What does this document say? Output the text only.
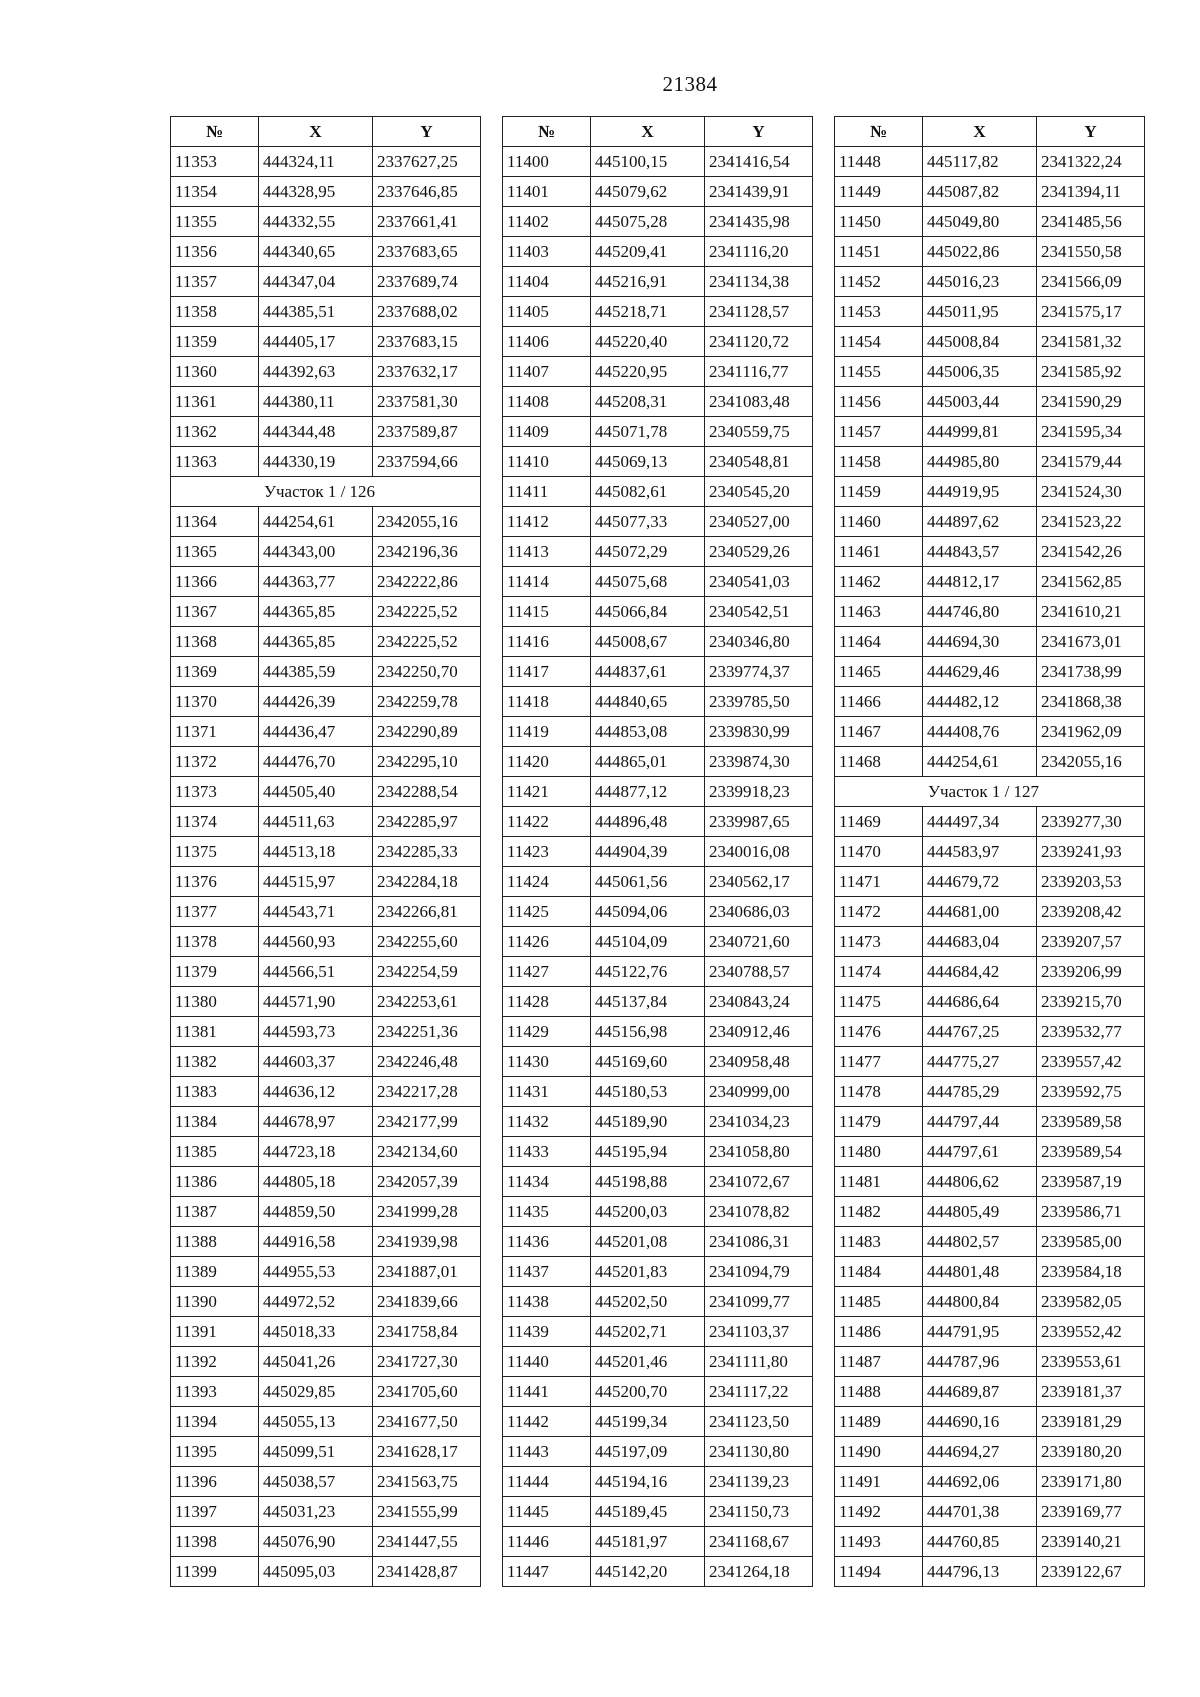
21384
№	X	Y
11353	444324,11	2337627,25
11354	444328,95	2337646,85
11355	444332,55	2337661,41
11356	444340,65	2337683,65
11357	444347,04	2337689,74
11358	444385,51	2337688,02
11359	444405,17	2337683,15
11360	444392,63	2337632,17
11361	444380,11	2337581,30
11362	444344,48	2337589,87
11363	444330,19	2337594,66
Участок 1 / 126		
11364	444254,61	2342055,16
11365	444343,00	2342196,36
11366	444363,77	2342222,86
11367	444365,85	2342225,52
11368	444365,85	2342225,52
11369	444385,59	2342250,70
11370	444426,39	2342259,78
11371	444436,47	2342290,89
11372	444476,70	2342295,10
11373	444505,40	2342288,54
11374	444511,63	2342285,97
11375	444513,18	2342285,33
11376	444515,97	2342284,18
11377	444543,71	2342266,81
11378	444560,93	2342255,60
11379	444566,51	2342254,59
11380	444571,90	2342253,61
11381	444593,73	2342251,36
11382	444603,37	2342246,48
11383	444636,12	2342217,28
11384	444678,97	2342177,99
11385	444723,18	2342134,60
11386	444805,18	2342057,39
11387	444859,50	2341999,28
11388	444916,58	2341939,98
11389	444955,53	2341887,01
11390	444972,52	2341839,66
11391	445018,33	2341758,84
11392	445041,26	2341727,30
11393	445029,85	2341705,60
11394	445055,13	2341677,50
11395	445099,51	2341628,17
11396	445038,57	2341563,75
11397	445031,23	2341555,99
11398	445076,90	2341447,55
11399	445095,03	2341428,87
№	X	Y
11400	445100,15	2341416,54
11401	445079,62	2341439,91
11402	445075,28	2341435,98
11403	445209,41	2341116,20
11404	445216,91	2341134,38
11405	445218,71	2341128,57
11406	445220,40	2341120,72
11407	445220,95	2341116,77
11408	445208,31	2341083,48
11409	445071,78	2340559,75
11410	445069,13	2340548,81
11411	445082,61	2340545,20
11412	445077,33	2340527,00
11413	445072,29	2340529,26
11414	445075,68	2340541,03
11415	445066,84	2340542,51
11416	445008,67	2340346,80
11417	444837,61	2339774,37
11418	444840,65	2339785,50
11419	444853,08	2339830,99
11420	444865,01	2339874,30
11421	444877,12	2339918,23
11422	444896,48	2339987,65
11423	444904,39	2340016,08
11424	445061,56	2340562,17
11425	445094,06	2340686,03
11426	445104,09	2340721,60
11427	445122,76	2340788,57
11428	445137,84	2340843,24
11429	445156,98	2340912,46
11430	445169,60	2340958,48
11431	445180,53	2340999,00
11432	445189,90	2341034,23
11433	445195,94	2341058,80
11434	445198,88	2341072,67
11435	445200,03	2341078,82
11436	445201,08	2341086,31
11437	445201,83	2341094,79
11438	445202,50	2341099,77
11439	445202,71	2341103,37
11440	445201,46	2341111,80
11441	445200,70	2341117,22
11442	445199,34	2341123,50
11443	445197,09	2341130,80
11444	445194,16	2341139,23
11445	445189,45	2341150,73
11446	445181,97	2341168,67
11447	445142,20	2341264,18
№	X	Y
11448	445117,82	2341322,24
11449	445087,82	2341394,11
11450	445049,80	2341485,56
11451	445022,86	2341550,58
11452	445016,23	2341566,09
11453	445011,95	2341575,17
11454	445008,84	2341581,32
11455	445006,35	2341585,92
11456	445003,44	2341590,29
11457	444999,81	2341595,34
11458	444985,80	2341579,44
11459	444919,95	2341524,30
11460	444897,62	2341523,22
11461	444843,57	2341542,26
11462	444812,17	2341562,85
11463	444746,80	2341610,21
11464	444694,30	2341673,01
11465	444629,46	2341738,99
11466	444482,12	2341868,38
11467	444408,76	2341962,09
11468	444254,61	2342055,16
Участок 1 / 127		
11469	444497,34	2339277,30
11470	444583,97	2339241,93
11471	444679,72	2339203,53
11472	444681,00	2339208,42
11473	444683,04	2339207,57
11474	444684,42	2339206,99
11475	444686,64	2339215,70
11476	444767,25	2339532,77
11477	444775,27	2339557,42
11478	444785,29	2339592,75
11479	444797,44	2339589,58
11480	444797,61	2339589,54
11481	444806,62	2339587,19
11482	444805,49	2339586,71
11483	444802,57	2339585,00
11484	444801,48	2339584,18
11485	444800,84	2339582,05
11486	444791,95	2339552,42
11487	444787,96	2339553,61
11488	444689,87	2339181,37
11489	444690,16	2339181,29
11490	444694,27	2339180,20
11491	444692,06	2339171,80
11492	444701,38	2339169,77
11493	444760,85	2339140,21
11494	444796,13	2339122,67
